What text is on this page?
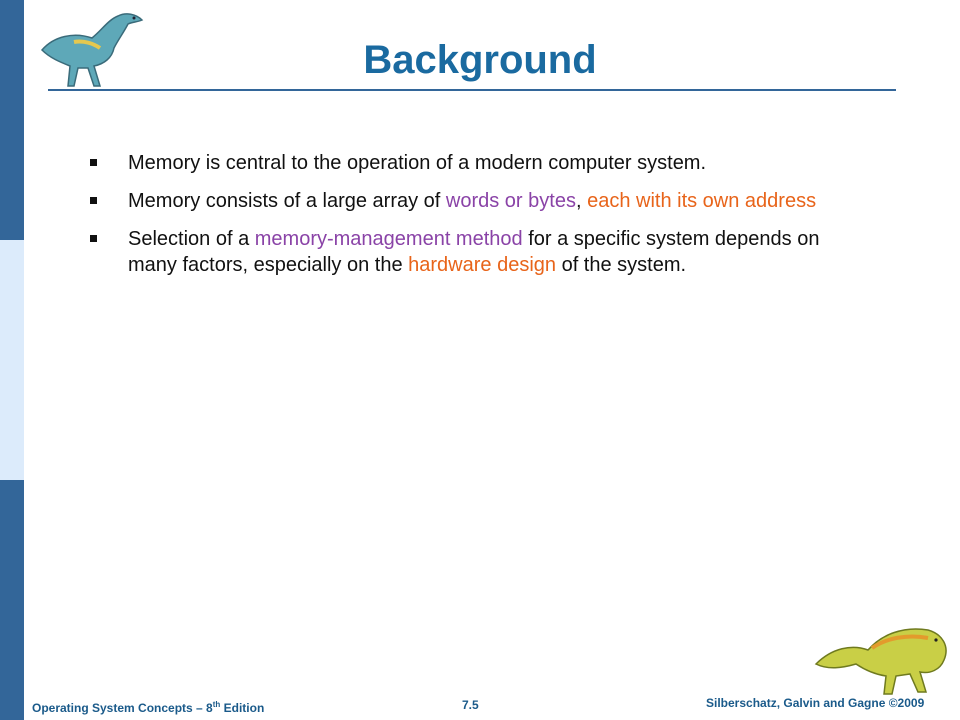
Background
Memory is central to the operation of a modern computer system.
Memory consists of a large array of words or bytes, each with its own address
Selection of a memory-management method for a specific system depends on many factors, especially on the hardware design of the system.
Operating System Concepts – 8th Edition	7.5	Silberschatz, Galvin and Gagne ©2009
